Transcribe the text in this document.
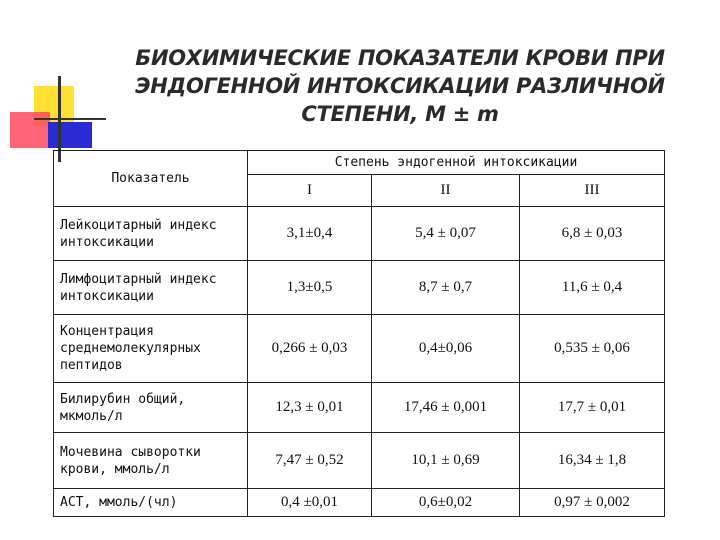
БИОХИМИЧЕСКИЕ ПОКАЗАТЕЛИ КРОВИ ПРИ
ЭНДОГЕННОЙ ИНТОКСИКАЦИИ РАЗЛИЧНОЙ
СТЕПЕНИ, M ± m
Показатель	Степень эндогенной интоксикации		
	I	II	III
Лейкоцитарный индекс интоксикации	3,1±0,4	5,4 ± 0,07	6,8 ± 0,03
Лимфоцитарный индекс интоксикации	1,3±0,5	8,7 ± 0,7	11,6 ± 0,4
Концентрация среднемолекулярных пептидов	0,266 ± 0,03	0,4±0,06	0,535 ± 0,06
Билирубин общий, мкмоль/л	12,3 ± 0,01	17,46 ± 0,001	17,7 ± 0,01
Мочевина сыворотки крови, ммоль/л	7,47 ± 0,52	10,1 ± 0,69	16,34 ± 1,8
АСТ, ммоль/(чл)	0,4 ±0,01	0,6±0,02	0,97 ± 0,002
